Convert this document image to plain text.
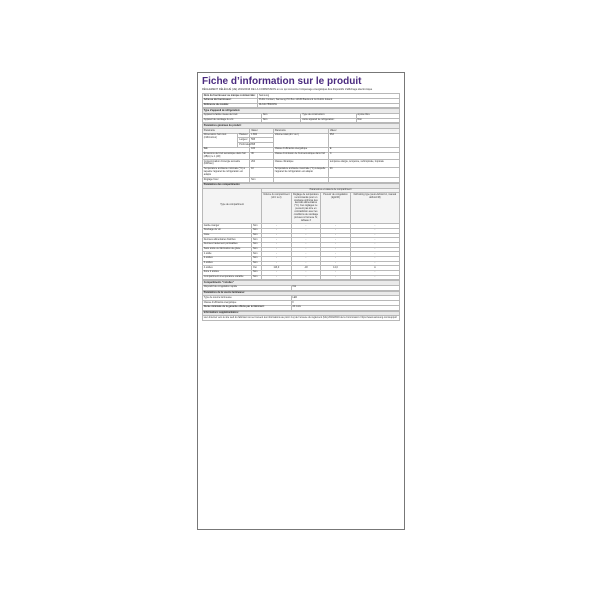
Fiche d’information sur le produit
RÈGLEMENT DÉLÉGUÉ (UE) 2019/2016 DE LA COMMISSION en ce qui concerne l’étiquetage énergétique des dispositifs d’affichage électronique
Nom du fournisseur ou marque commerciale:	Samsung
Adresse du fournisseur:	Public Contact, Samsung PO Box 12345 Blackrock Co Dublin Ireland
Référence du modèle:	RL34C7B5DWW
Type d’appareil de réfrigération:			
Appareil à faible niveau de bruit:	Non	Type de construction:	à pose libre
Appareil de stockage du vin:	Non	Autre appareil de réfrigération:	Non
Paramètres généraux du produit:				
Paramètre		Valeur	Paramètre	Valeur
Dimensions hors tout (millimètres)	Hauteur	1 860	Volume total (dm³ ou l)	353
	Largeur	595		
	Profondeur	658		
IEE		100	Classe d’efficacité énergétique	E
Émissions de bruit acoustique dans l’air [dB(A) re 1 pW]		36	Classe d’émission de bruit acoustique dans l’air	C
Consommation d’énergie annuelle (kWh/an)		264	Classe climatique	tempérée élargie, tempérée, subtropicale, tropicale
Température ambiante minimale (°C) à laquelle l’appareil de réfrigération est adapté		10	Température ambiante maximale (°C) à laquelle l’appareil de réfrigération est adapté	43
Réglage hiver		Non		
Paramètres des compartiments:					
Type de compartiment		Paramètres et valeurs de compartiment			
		Volume du compartiment (dm³ ou l)	Réglage de température recommandé pour un stockage optimisé des denrées alimentaires (°C). Ces réglages ne peuvent pas être en contradiction avec les conditions de stockage prévues à l’annexe IV, tableau 3	Pouvoir de congélation (kg/24h)	Défrosting type (auto-défrost=A, manual défrost=M)
Garde-manger	Non	-	-	-	-
Stockage du vin	Non	-	-	-	-
Cave	Non	-	-	-	-
Denrées alimentaires fraîches	Non	-	-	-	-
Denrées hautement périssables	Non	-	-	-	-
Sans étoile ou fabrication de glace	Non	-	-	-	-
1 étoile	Non	-	-	-	-
2 étoiles	Non	-	-	-	-
3 étoiles	Non	-	-	-	-
4 étoiles	Oui	113,0	-18	14,0	A
Zone 2 étoiles	Non	-	-	-	-
Compartiment à température variable	Non	-	-	-	-
Compartiments "4 étoiles"
Dispositif de congélation rapide	Oui
Paramètres de la source lumineuse:	
Type de source lumineuse	LED
Classe d’efficacité énergétique	F
Durée minimale de la garantie offerte par le fabricant:	24 mois
Informations supplémentaires:
Lien Internet vers le site web du fabricant où se trouvent les informations au point 4 a) de l’annexe du règlement (UE) 2019/2019 de la Commission: https://www.samsung.com/support
